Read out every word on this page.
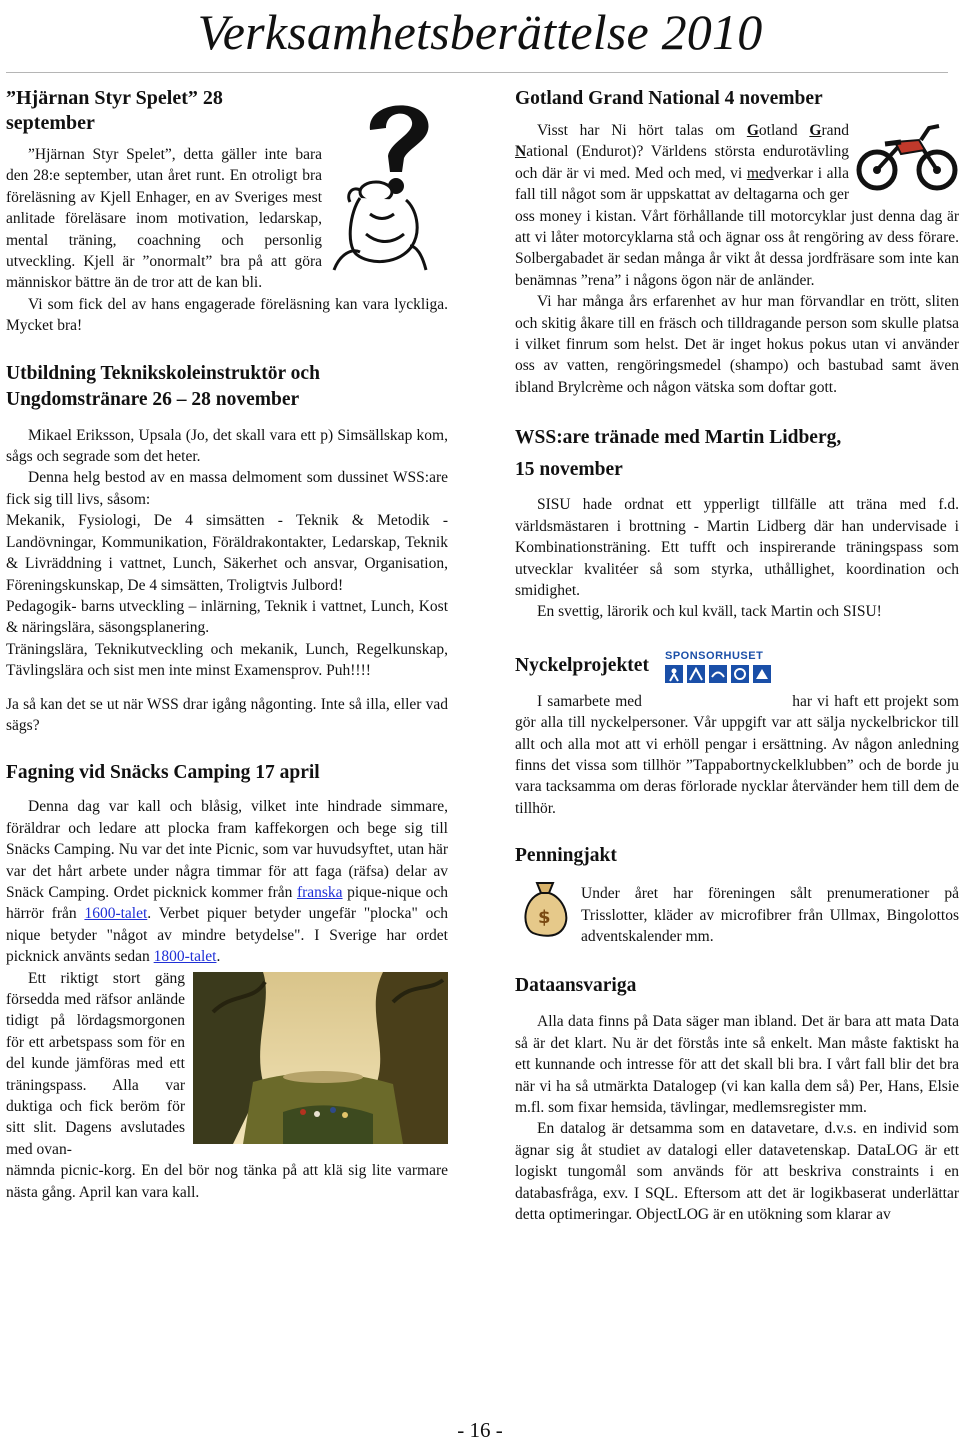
Verksamhetsberättelse 2010

”Hjärnan Styr Spelet” 28
september

”Hjärnan Styr Spelet”, detta gäller inte bara den 28:e september, utan året runt. En otroligt bra föreläsning av Kjell Enhager, en av Sveriges mest anlitade föreläsare inom motivation, ledarskap, mental träning, coachning och personlig utveckling. Kjell är ”onormalt” bra på att göra människor bättre än de tror att de kan bli.

Vi som fick del av hans engagerade föreläsning kan vara lyckliga. Mycket bra!

Utbildning Teknikskoleinstruktör och
Ungdomstränare 26 – 28 november

Mikael Eriksson, Upsala (Jo, det skall vara ett p) Simsällskap kom, sågs och segrade som det heter.

Denna helg bestod av en massa delmoment som dussinet WSS:are fick sig till livs, såsom:

Mekanik, Fysiologi, De 4 simsätten - Teknik & Metodik - Landövningar, Kommunikation, Föräldrakontakter, Ledarskap, Teknik & Livräddning i vattnet, Lunch, Säkerhet och ansvar, Organisation, Föreningskunskap, De 4 simsätten, Troligtvis Julbord!

Pedagogik- barns utveckling – inlärning, Teknik i vattnet, Lunch, Kost & näringslära, säsongsplanering.

Träningslära, Teknikutveckling och mekanik, Lunch, Regelkunskap, Tävlingslära och sist men inte minst Examensprov. Puh!!!!

Ja så kan det se ut när WSS drar igång någonting. Inte så illa, eller vad sägs?

Fagning vid Snäcks Camping 17 april

Denna dag var kall och blåsig, vilket inte hindrade simmare, föräldrar och ledare att plocka fram kaffekorgen och bege sig till Snäcks Camping. Nu var det inte Picnic, som var huvudsyftet, utan här var det hårt arbete under några timmar för att faga (räfsa) delar av Snäck Camping. Ordet picknick kommer från franska pique-nique och härrör från 1600-talet. Verbet piquer betyder ungefär "plocka" och nique betyder "något av mindre betydelse". I Sverige har ordet picknick använts sedan 1800-talet.

Ett riktigt stort gäng försedda med räfsor anlände tidigt på lördagsmorgonen för ett arbetspass som för en del kunde jämföras med ett träningspass. Alla var duktiga och fick beröm för sitt slit. Dagens avslutades med ovan-

nämnda picnic-korg. En del bör nog tänka på att klä sig lite varmare nästa gång. April kan vara kall.

Gotland Grand National 4 november

Visst har Ni hört talas om Gotland Grand National (Endurot)? Världens största endurotävling och där är vi med. Med och med, vi medverkar i alla fall till något som är uppskattat av deltagarna och ger oss money i kistan. Vårt förhållande till motorcyklar just denna dag är att vi låter motorcyklarna stå och ägnar oss åt rengöring av dess förare. Solbergabadet är sedan många år vikt åt dessa jordfräsare som inte kan benämnas ”rena” i någons ögon när de anländer.

Vi har många års erfarenhet av hur man förvandlar en trött, sliten och skitig åkare till en fräsch och tilldragande person som skulle platsa i vilket finrum som helst. Det är inget hokus pokus utan vi använder oss av vatten, rengöringsmedel (shampo) och bastubad samt även ibland Brylcrème och någon vätska som doftar gott.

WSS:are tränade med Martin Lidberg,
15 november

SISU hade ordnat ett ypperligt tillfälle att träna med f.d. världsmästaren i brottning - Martin Lidberg där han undervisade i Kombinationsträning. Ett tufft och inspirerande träningspass som utvecklar kvalitéer så som styrka, uthållighet, koordination och smidighet.

En svettig, lärorik och kul kväll, tack Martin och SISU!

Nyckelprojektet SPONSORHUSET

I samarbete med	har vi haft ett projekt som gör alla till nyckelpersoner. Vår uppgift var att sälja nyckelbrickor till allt och alla mot att vi erhöll pengar i ersättning. Av någon anledning finns det vissa som tillhör ”Tappabortnyckelklubben” och de borde ju vara tacksamma om deras förlorade nycklar återvänder hem till dem de tillhör.

Penningjakt

$

Under året har föreningen sålt prenumerationer på Trisslotter, kläder av microfibrer från Ullmax, Bingolottos adventskalender mm.

Dataansvariga

Alla data finns på Data säger man ibland. Det är bara att mata Data så är det klart. Nu är det förstås inte så enkelt. Man måste faktiskt ha ett kunnande och intresse för att det skall bli bra. I vårt fall blir det bra när vi ha så utmärkta Datalogер (vi kan kalla dem så) Per, Hans, Elsie m.fl. som fixar hemsida, tävlingar, medlemsregister mm.

En datalog är detsamma som en datavetare, d.v.s. en individ som ägnar sig åt studiet av datalogi eller datavetenskap. DataLOG är ett logiskt tungomål som används för att beskriva constraints i en databasfråga, exv. I SQL. Eftersom att det är logikbaserat underlättar detta optimeringar. ObjectLOG är en utökning som klarar av

- 16 -
